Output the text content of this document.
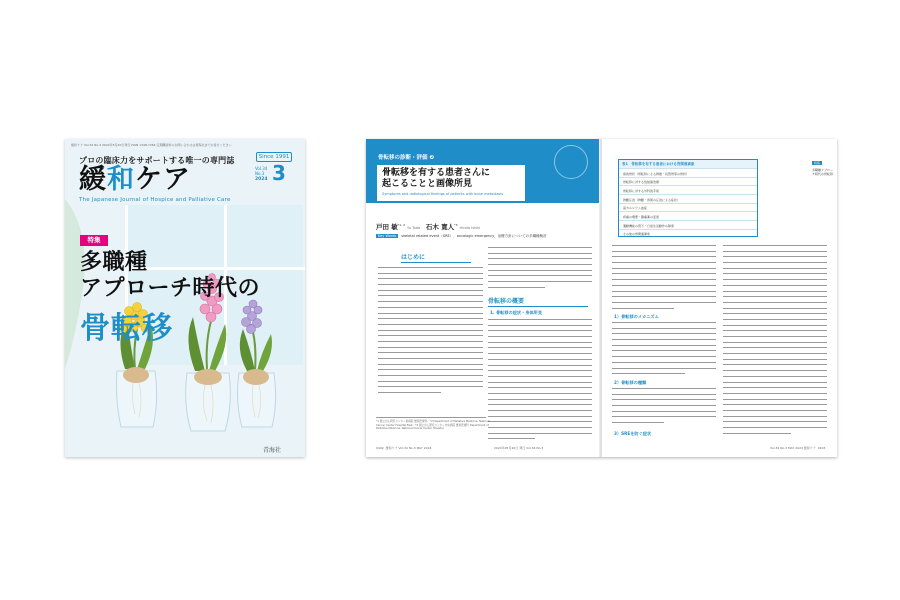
緩和ケア Vol.34 No.3 2024年5月20日発行 ISSN 1348-7264 定期購読料のお問い合わせは青海社までお寄せください
プロの臨床力をサポートする唯一の専門誌
緩和ケア
Since 1991
Vol.34
No.3 3
2024
The Japanese Journal of Hospice and Palliative Care
特集
多職種
アプローチ時代の
骨転移
青海社
骨転移の診断・評価 ❷
骨転移を有する患者さんに
起こることと画像所見
Symptoms and radiological findings of patients with bone metastasis
戸田 敏$^{*1, 2}$Yu Toda 石木 寛人$^{*3}$Hiroto Ishiki
Key Words skeletal related event（SRE），oncologic emergency，治療方針についての多職種検討
はじめに
骨転移の概要
1. 骨転移の症状・身体所見
*1 国立がん研究センター東病院 緩和医療科／*2 Department of Palliative Medicine, National Cancer Center Hospital East／*3 国立がん研究センター中央病院 緩和医療科 Department of Palliative Medicine, National Cancer Center Hospital
0402 緩和ケア Vol.34 No.3 MAY 2024	2024年05月20日 発行 Vol.34 No.3
特集
多職種アプローチ時代の骨転移
表1　骨転移を有する患者における骨関連事象
病的骨折（骨転移による脊椎・長管骨等の骨折）
骨転移に対する放射線治療
骨転移に対する外科的手術
脊髄圧迫（脊髄・馬尾の圧迫による症状）
高カルシウム血症
疼痛の増悪・鎮痛薬の変更
運動機能の低下・日常生活動作の障害
その他の骨関連事象
1）骨転移のメカニズム
2）骨転移の種類
3）SREを防ぐ症状
Vol.34 No.3 MAY 2024 緩和ケア 0403
